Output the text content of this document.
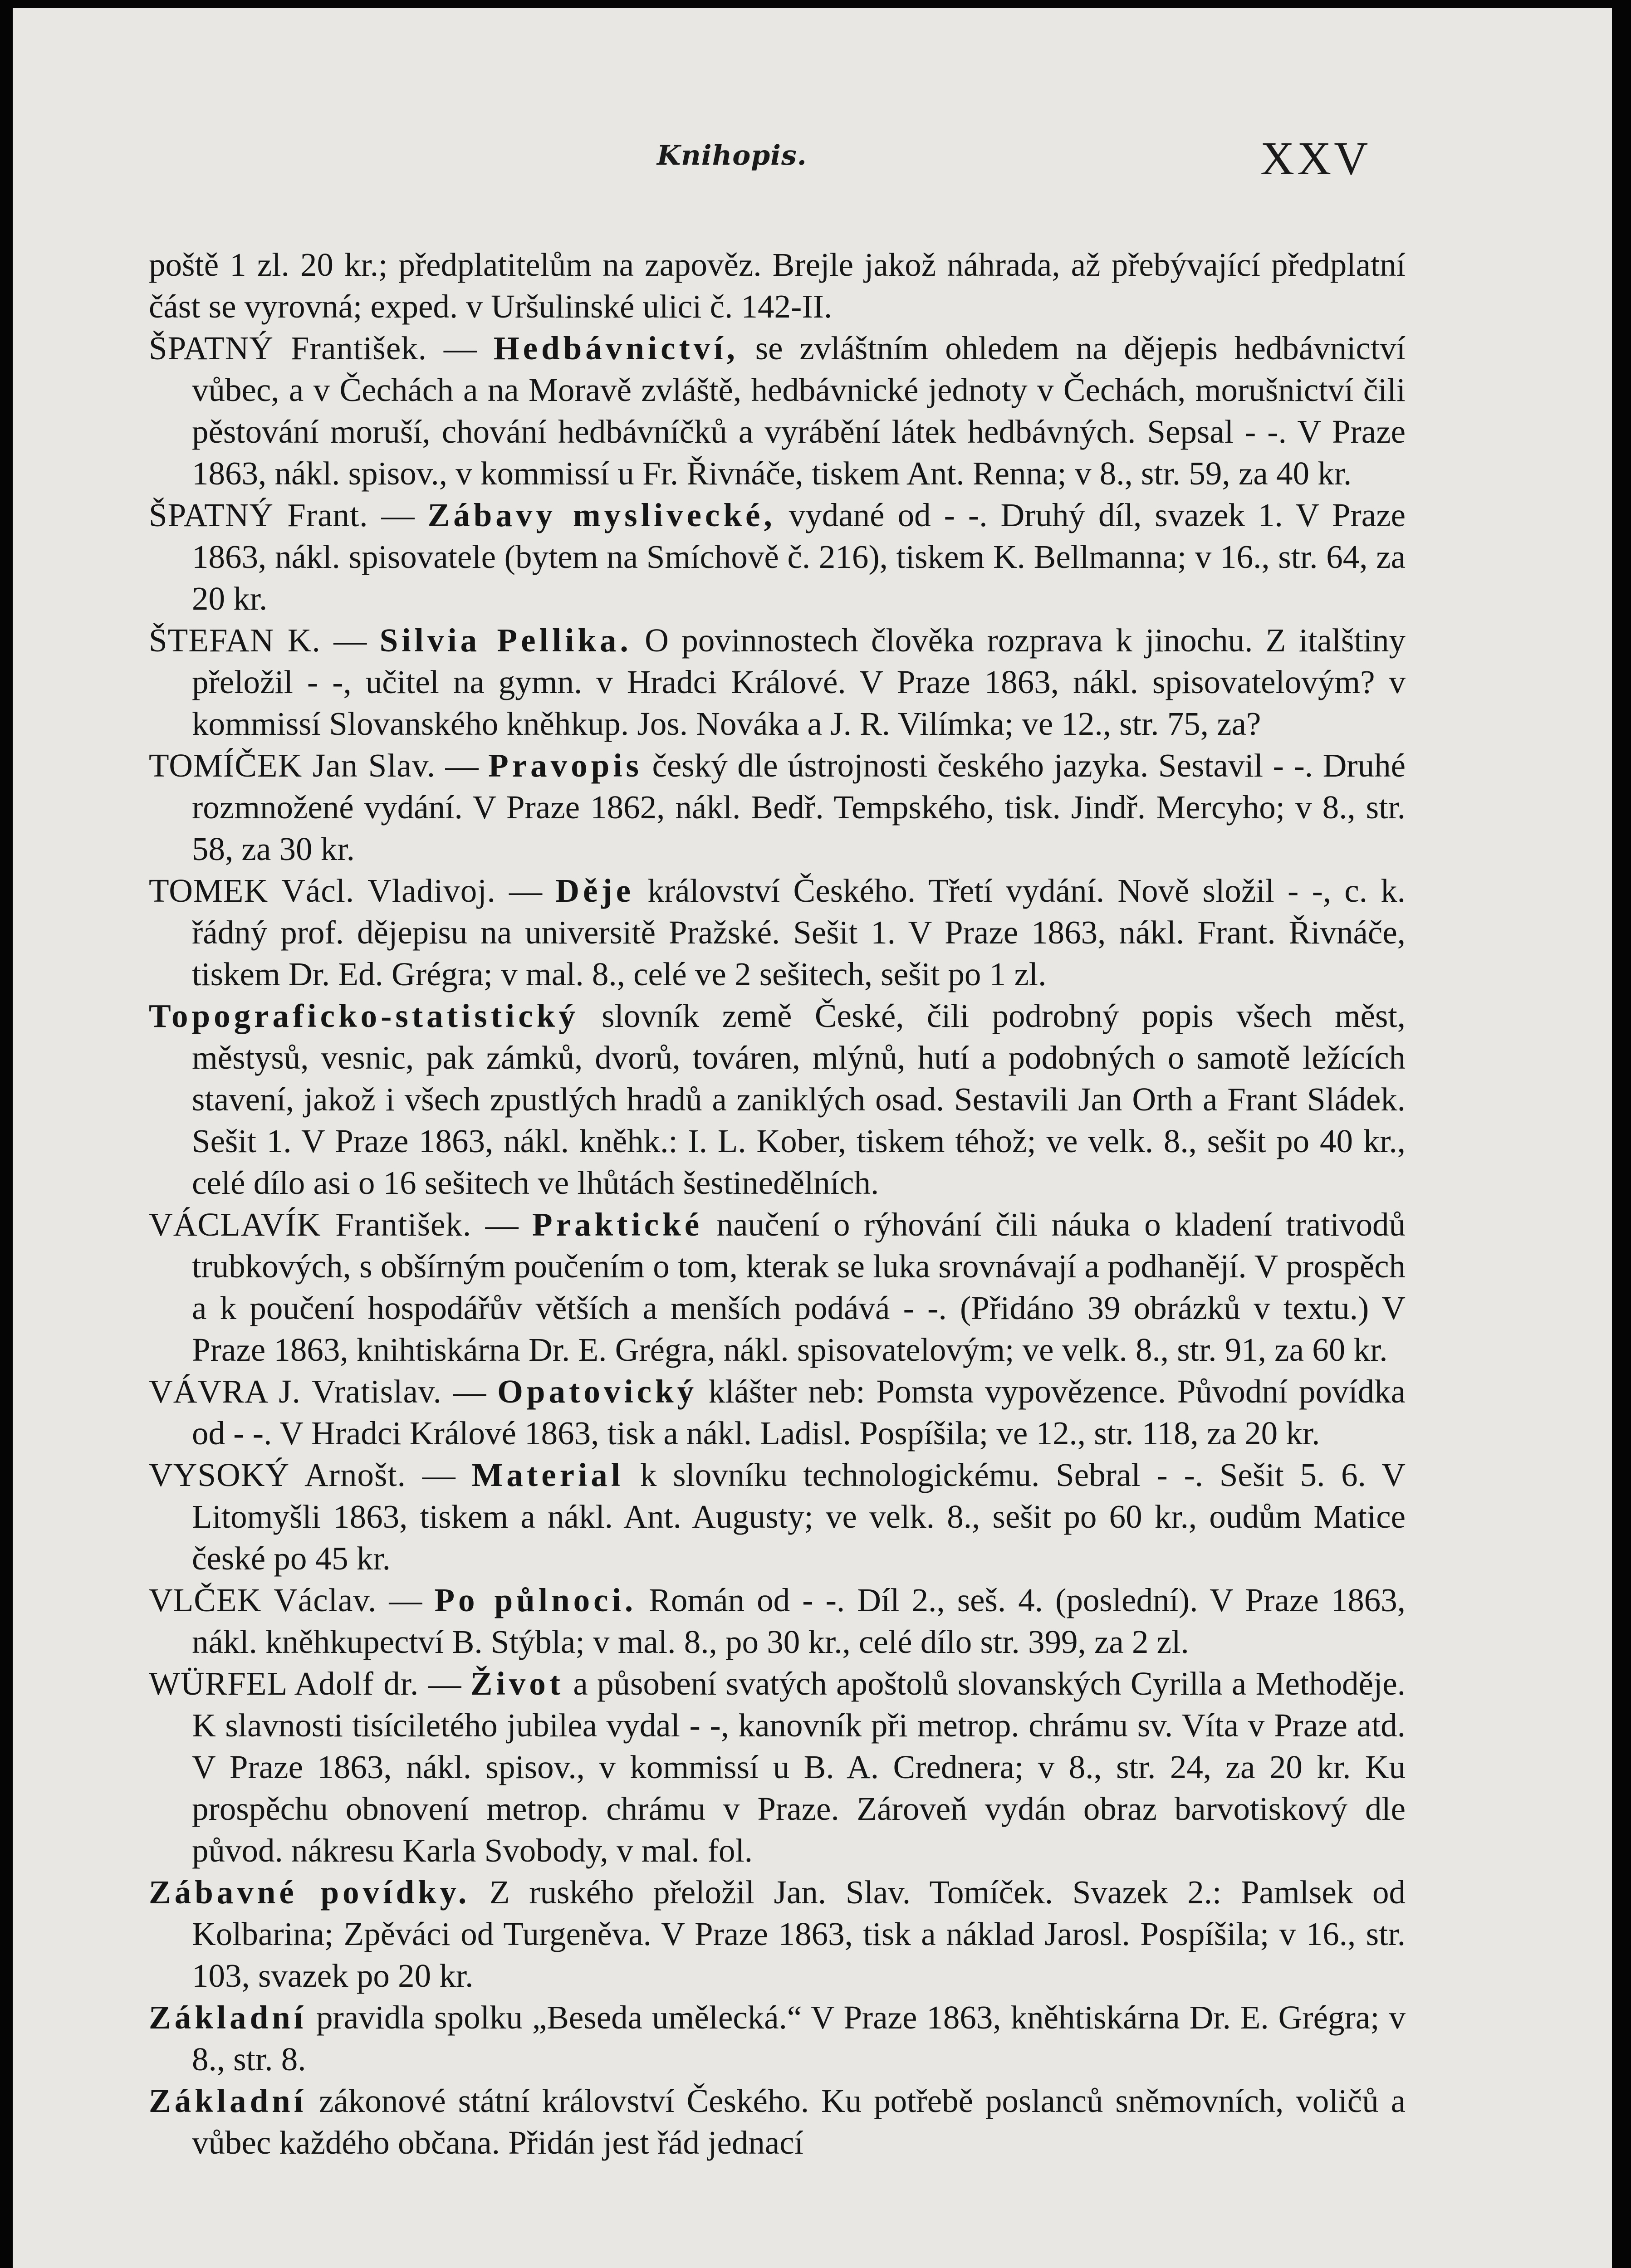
Knihopis.	XXV

poště 1 zl. 20 kr.; předplatitelům na zapověz. Brejle jakož náhrada, až přebývající předplatní část se vyrovná; exped. v Uršulinské ulici č. 142-II.

ŠPATNÝ František. — Hedbávnictví, se zvláštním ohledem na dějepis hedbávnictví vůbec, a v Čechách a na Moravě zvláště, hedbávnické jednoty v Čechách, morušnictví čili pěstování moruší, chování hedbávníčků a vyrábění látek hedbávných. Sepsal - -. V Praze 1863, nákl. spisov., v kommissí u Fr. Řivnáče, tiskem Ant. Renna; v 8., str. 59, za 40 kr.

ŠPATNÝ Frant. — Zábavy myslivecké, vydané od - -. Druhý díl, svazek 1. V Praze 1863, nákl. spisovatele (bytem na Smíchově č. 216), tiskem K. Bellmanna; v 16., str. 64, za 20 kr.

ŠTEFAN K. — Silvia Pellika. O povinnostech člověka rozprava k jinochu. Z italštiny přeložil - -, učitel na gymn. v Hradci Králové. V Praze 1863, nákl. spisovatelovým? v kommissí Slovanského kněhkup. Jos. Nováka a J. R. Vilímka; ve 12., str. 75, za?

TOMÍČEK Jan Slav. — Pravopis český dle ústrojnosti českého jazyka. Sestavil - -. Druhé rozmnožené vydání. V Praze 1862, nákl. Bedř. Tempského, tisk. Jindř. Mercyho; v 8., str. 58, za 30 kr.

TOMEK Václ. Vladivoj. — Děje království Českého. Třetí vydání. Nově složil - -, c. k. řádný prof. dějepisu na universitě Pražské. Sešit 1. V Praze 1863, nákl. Frant. Řivnáče, tiskem Dr. Ed. Grégra; v mal. 8., celé ve 2 sešitech, sešit po 1 zl.

Topograficko-statistický slovník země České, čili podrobný popis všech měst, městysů, vesnic, pak zámků, dvorů, továren, mlýnů, hutí a podobných o samotě ležících stavení, jakož i všech zpustlých hradů a zaniklých osad. Sestavili Jan Orth a Frant Sládek. Sešit 1. V Praze 1863, nákl. kněhk.: I. L. Kober, tiskem téhož; ve velk. 8., sešit po 40 kr., celé dílo asi o 16 sešitech ve lhůtách šestinedělních.

VÁCLAVÍK František. — Praktické naučení o rýhování čili náuka o kladení trativodů trubkových, s obšírným poučením o tom, kterak se luka srovnávají a podhanějí. V prospěch a k poučení hospodářův větších a menších podává - -. (Přidáno 39 obrázků v textu.) V Praze 1863, knihtiskárna Dr. E. Grégra, nákl. spisovatelovým; ve velk. 8., str. 91, za 60 kr.

VÁVRA J. Vratislav. — Opatovický klášter neb: Pomsta vypovězence. Původní povídka od - -. V Hradci Králové 1863, tisk a nákl. Ladisl. Pospíšila; ve 12., str. 118, za 20 kr.

VYSOKÝ Arnošt. — Material k slovníku technologickému. Sebral - -. Sešit 5. 6. V Litomyšli 1863, tiskem a nákl. Ant. Augusty; ve velk. 8., sešit po 60 kr., oudům Matice české po 45 kr.

VLČEK Václav. — Po půlnoci. Román od - -. Díl 2., seš. 4. (poslední). V Praze 1863, nákl. kněhkupectví B. Stýbla; v mal. 8., po 30 kr., celé dílo str. 399, za 2 zl.

WÜRFEL Adolf dr. — Život a působení svatých apoštolů slovanských Cyrilla a Methoděje. K slavnosti tisíciletého jubilea vydal - -, kanovník při metrop. chrámu sv. Víta v Praze atd. V Praze 1863, nákl. spisov., v kommissí u B. A. Crednera; v 8., str. 24, za 20 kr. Ku prospěchu obnovení metrop. chrámu v Praze. Zároveň vydán obraz barvotiskový dle původ. nákresu Karla Svobody, v mal. fol.

Zábavné povídky. Z ruského přeložil Jan. Slav. Tomíček. Svazek 2.: Pamlsek od Kolbarina; Zpěváci od Turgeněva. V Praze 1863, tisk a náklad Jarosl. Pospíšila; v 16., str. 103, svazek po 20 kr.

Základní pravidla spolku „Beseda umělecká.“ V Praze 1863, kněhtiskárna Dr. E. Grégra; v 8., str. 8.

Základní zákonové státní království Českého. Ku potřebě poslanců sněmovních, voličů a vůbec každého občana. Přidán jest řád jednací
